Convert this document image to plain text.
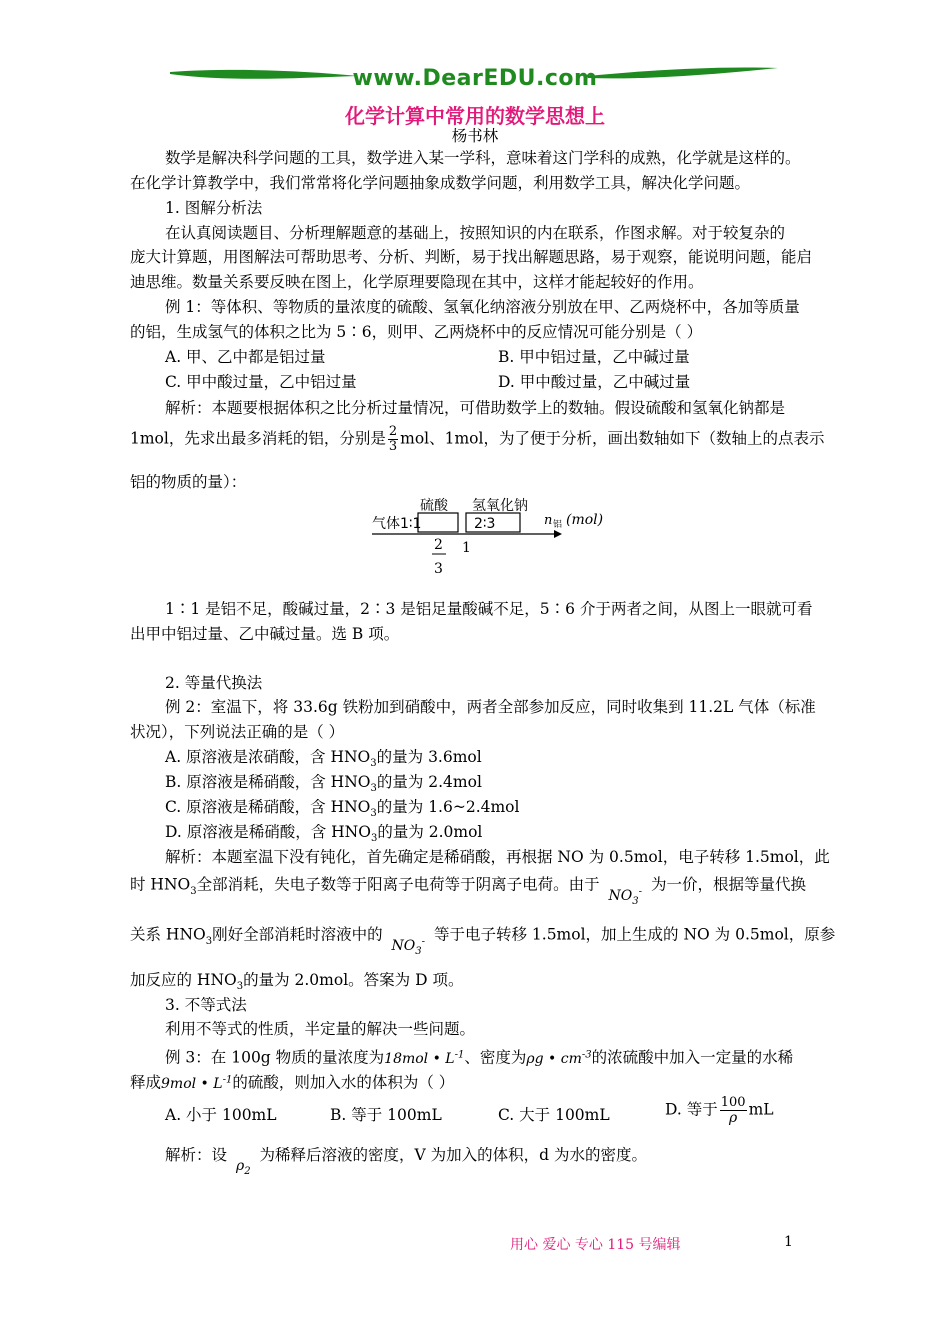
www.DearEDU.com
化学计算中常用的数学思想上
杨书林
数学是解决科学问题的工具，数学进入某一学科，意味着这门学科的成熟，化学就是这样的。
在化学计算教学中，我们常常将化学问题抽象成数学问题，利用数学工具，解决化学问题。
1. 图解分析法
在认真阅读题目、分析理解题意的基础上，按照知识的内在联系，作图求解。对于较复杂的
庞大计算题，用图解法可帮助思考、分析、判断，易于找出解题思路，易于观察，能说明问题，能启
迪思维。数量关系要反映在图上，化学原理要隐现在其中，这样才能起较好的作用。
例 1：等体积、等物质的量浓度的硫酸、氢氧化纳溶液分别放在甲、乙两烧杯中，各加等质量
的铝，生成氢气的体积之比为 5∶6，则甲、乙两烧杯中的反应情况可能分别是（ ）
A. 甲、乙中都是铝过量	B. 甲中铝过量，乙中碱过量
C. 甲中酸过量，乙中铝过量	D. 甲中酸过量，乙中碱过量
解析：本题要根据体积之比分析过量情况，可借助数学上的数轴。假设硫酸和氢氧化钠都是
1mol，先求出最多消耗的铝，分别是 $\frac{2}{3}$ mol、1mol，为了便于分析，画出数轴如下（数轴上的点表示
铝的物质的量）：
硫酸 氢氧化钠
气体1∶1	2∶3	n 铝 (mol)
2
3
1
1∶1 是铝不足，酸碱过量，2∶3 是铝足量酸碱不足，5∶6 介于两者之间，从图上一眼就可看
出甲中铝过量、乙中碱过量。选 B 项。
2. 等量代换法
例 2：室温下，将 33.6g 铁粉加到硝酸中，两者全部参加反应，同时收集到 11.2L 气体（标准
状况），下列说法正确的是（ ）
A. 原溶液是浓硝酸，含 $HNO_3$的量为 3.6mol
B. 原溶液是稀硝酸，含 $HNO_3$的量为 2.4mol
C. 原溶液是稀硝酸，含 $HNO_3$的量为 1.6~2.4mol
D. 原溶液是稀硝酸，含 $HNO_3$的量为 2.0mol
解析：本题室温下没有钝化，首先确定是稀硝酸，再根据 NO 为 0.5mol，电子转移 1.5mol，此
时 $HNO_3$全部消耗，失电子数等于阳离子电荷等于阴离子电荷。由于 $NO_3^-$ 为一价，根据等量代换
关系 $HNO_3$刚好全部消耗时溶液中的 $NO_3^-$ 等于电子转移 1.5mol，加上生成的 NO 为 0.5mol，原参
加反应的 $HNO_3$的量为 2.0mol。答案为 D 项。
3. 不等式法
利用不等式的性质，半定量的解决一些问题。
例 3：在 100g 物质的量浓度为18mol • $L^{-1}$、密度为ρg • $cm^{-3}$的浓硫酸中加入一定量的水稀
释成9mol • $L^{-1}$的硫酸，则加入水的体积为（ ）
A. 小于 100mL	B. 等于 100mL	C. 大于 100mL	D. 等于 $\frac{100}{\rho}$ mL
解析：设 $\rho_2$ 为稀释后溶液的密度，V 为加入的体积，d 为水的密度。
用心 爱心 专心 115 号编辑	1
